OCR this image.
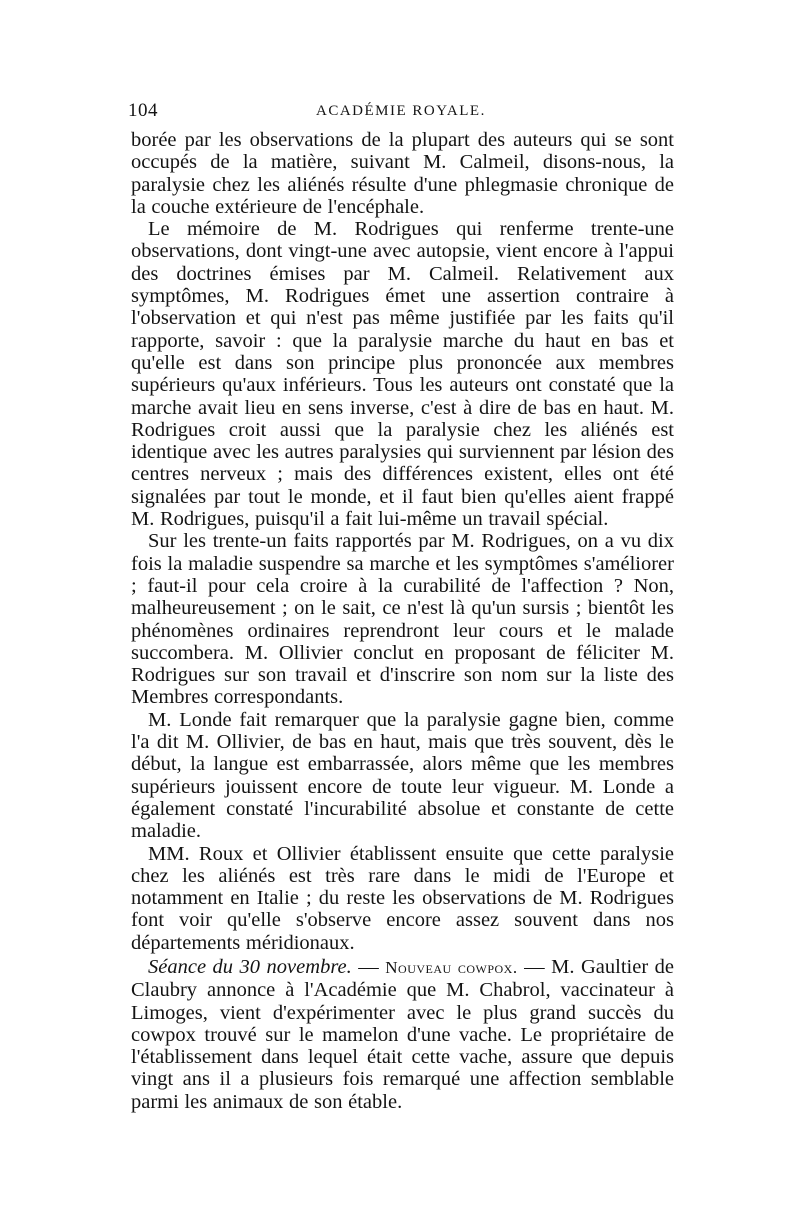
104	ACADÉMIE ROYALE.

borée par les observations de la plupart des auteurs qui se sont occupés de la matière, suivant M. Calmeil, disons-nous, la paralysie chez les aliénés résulte d'une phlegmasie chronique de la couche extérieure de l'encéphale.

Le mémoire de M. Rodrigues qui renferme trente-une observations, dont vingt-une avec autopsie, vient encore à l'appui des doctrines émises par M. Calmeil. Relativement aux symptômes, M. Rodrigues émet une assertion contraire à l'observation et qui n'est pas même justifiée par les faits qu'il rapporte, savoir : que la paralysie marche du haut en bas et qu'elle est dans son principe plus prononcée aux membres supérieurs qu'aux inférieurs. Tous les auteurs ont constaté que la marche avait lieu en sens inverse, c'est à dire de bas en haut. M. Rodrigues croit aussi que la paralysie chez les aliénés est identique avec les autres paralysies qui surviennent par lésion des centres nerveux ; mais des différences existent, elles ont été signalées par tout le monde, et il faut bien qu'elles aient frappé M. Rodrigues, puisqu'il a fait lui-même un travail spécial.

Sur les trente-un faits rapportés par M. Rodrigues, on a vu dix fois la maladie suspendre sa marche et les symptômes s'améliorer ; faut-il pour cela croire à la curabilité de l'affection ? Non, malheureusement ; on le sait, ce n'est là qu'un sursis ; bientôt les phénomènes ordinaires reprendront leur cours et le malade succombera. M. Ollivier conclut en proposant de féliciter M. Rodrigues sur son travail et d'inscrire son nom sur la liste des Membres correspondants.

M. Londe fait remarquer que la paralysie gagne bien, comme l'a dit M. Ollivier, de bas en haut, mais que très souvent, dès le début, la langue est embarrassée, alors même que les membres supérieurs jouissent encore de toute leur vigueur. M. Londe a également constaté l'incurabilité absolue et constante de cette maladie.

MM. Roux et Ollivier établissent ensuite que cette paralysie chez les aliénés est très rare dans le midi de l'Europe et notamment en Italie ; du reste les observations de M. Rodrigues font voir qu'elle s'observe encore assez souvent dans nos départements méridionaux.

Séance du 30 novembre. — Nouveau cowpox. — M. Gaultier de Claubry annonce à l'Académie que M. Chabrol, vaccinateur à Limoges, vient d'expérimenter avec le plus grand succès du cowpox trouvé sur le mamelon d'une vache. Le propriétaire de l'établissement dans lequel était cette vache, assure que depuis vingt ans il a plusieurs fois remarqué une affection semblable parmi les animaux de son étable.
